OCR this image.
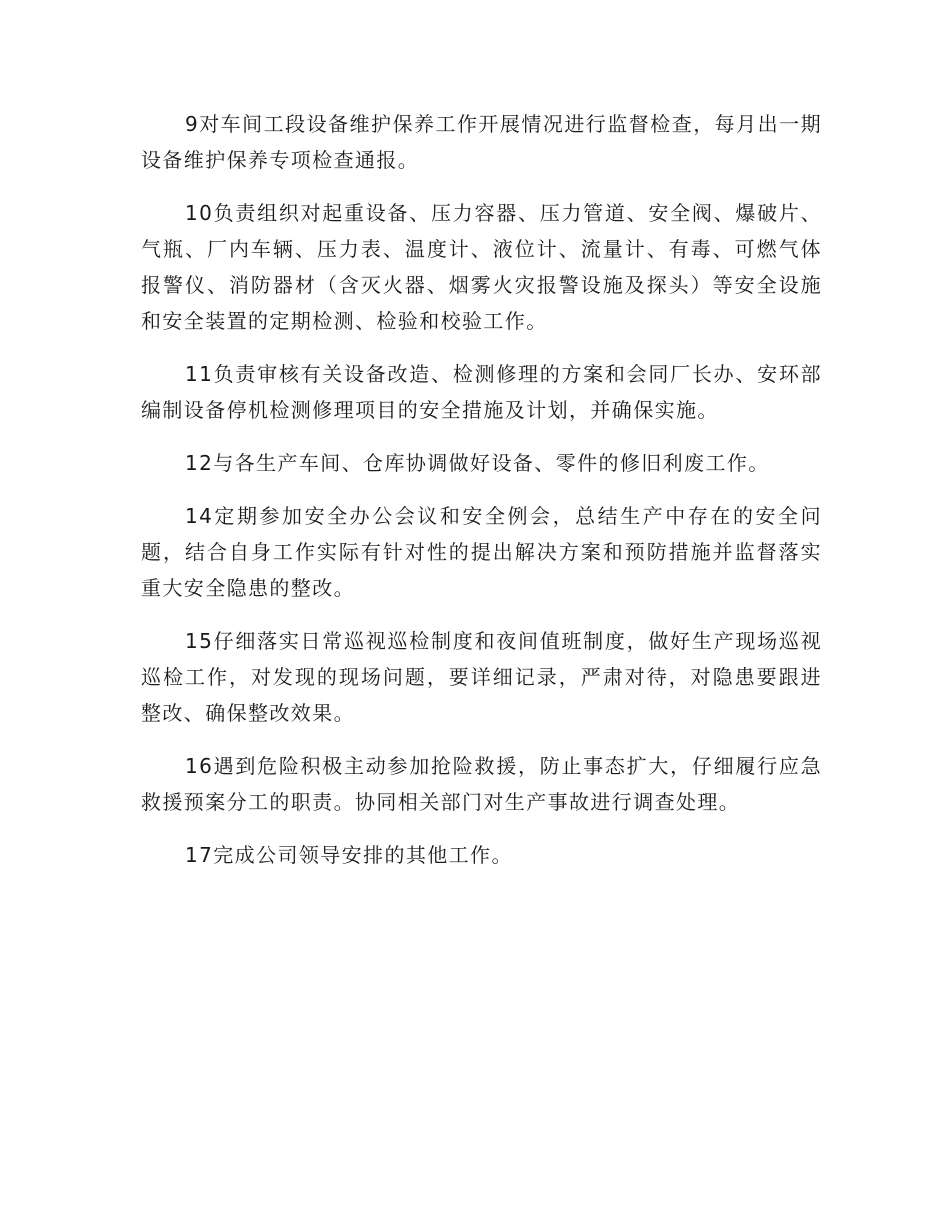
9对车间工段设备维护保养工作开展情况进行监督检查，每月出一期设备维护保养专项检查通报。

10负责组织对起重设备、压力容器、压力管道、安全阀、爆破片、气瓶、厂内车辆、压力表、温度计、液位计、流量计、有毒、可燃气体报警仪、消防器材（含灭火器、烟雾火灾报警设施及探头）等安全设施和安全装置的定期检测、检验和校验工作。

11负责审核有关设备改造、检测修理的方案和会同厂长办、安环部编制设备停机检测修理项目的安全措施及计划，并确保实施。

12与各生产车间、仓库协调做好设备、零件的修旧利废工作。

14定期参加安全办公会议和安全例会，总结生产中存在的安全问题，结合自身工作实际有针对性的提出解决方案和预防措施并监督落实重大安全隐患的整改。

15仔细落实日常巡视巡检制度和夜间值班制度，做好生产现场巡视巡检工作，对发现的现场问题，要详细记录，严肃对待，对隐患要跟进整改、确保整改效果。

16遇到危险积极主动参加抢险救援，防止事态扩大，仔细履行应急救援预案分工的职责。协同相关部门对生产事故进行调查处理。

17完成公司领导安排的其他工作。
